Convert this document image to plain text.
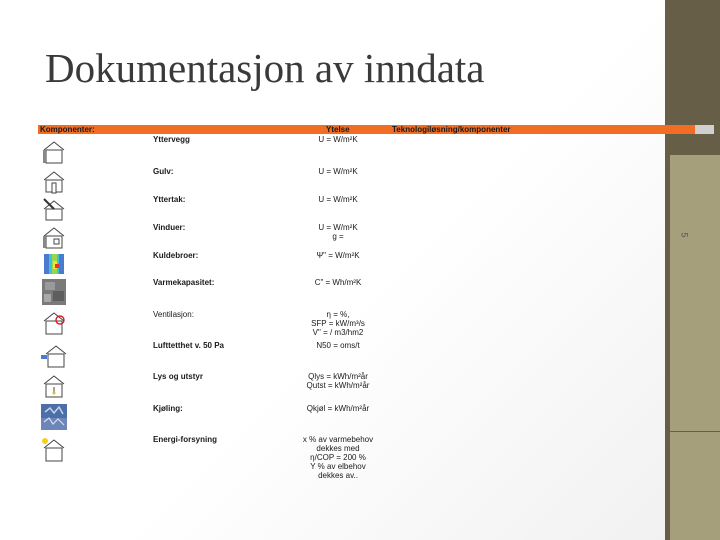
5
Dokumentasjon av inndata
Komponenter:	Ytelse	Teknologiløsning/komponenter
Yttervegg	U = W/m²K
Gulv:	U = W/m²K
Yttertak:	U = W/m²K
Vinduer:	U = W/m²K
g =
Kuldebroer:	Ψ" = W/m²K
Varmekapasitet:	C" = Wh/m²K
Ventilasjon:	η = %,
SFP = kW/m³/s
V" = / m3/hm2
Lufttetthet v. 50 Pa	N50 = oms/t
Lys og utstyr	Qlys = kWh/m²år
Qutst = kWh/m²år
Kjøling:	Qkjøl = kWh/m²år
Energi-forsyning	x % av varmebehov
dekkes med
η/COP = 200 %
Y % av elbehov
dekkes av..
